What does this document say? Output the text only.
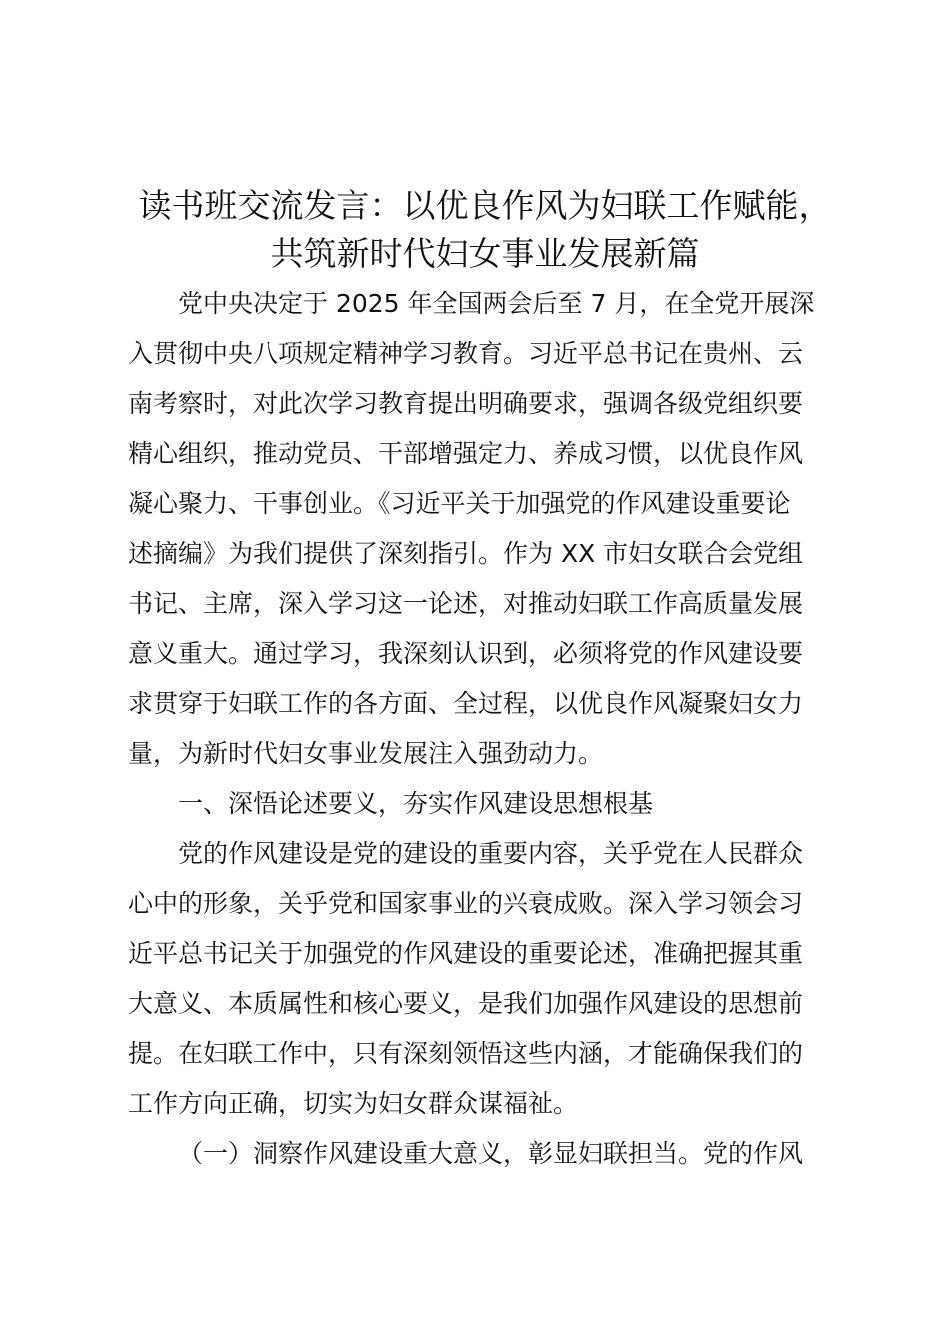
读书班交流发言：以优良作风为妇联工作赋能，
共筑新时代妇女事业发展新篇
党中央决定于 2025 年全国两会后至 7 月，在全党开展深
入贯彻中央八项规定精神学习教育。习近平总书记在贵州、云
南考察时，对此次学习教育提出明确要求，强调各级党组织要
精心组织，推动党员、干部增强定力、养成习惯，以优良作风
凝心聚力、干事创业。《习近平关于加强党的作风建设重要论
述摘编》为我们提供了深刻指引。作为 XX 市妇女联合会党组
书记、主席，深入学习这一论述，对推动妇联工作高质量发展
意义重大。通过学习，我深刻认识到，必须将党的作风建设要
求贯穿于妇联工作的各方面、全过程，以优良作风凝聚妇女力
量，为新时代妇女事业发展注入强劲动力。
一、深悟论述要义，夯实作风建设思想根基
党的作风建设是党的建设的重要内容，关乎党在人民群众
心中的形象，关乎党和国家事业的兴衰成败。深入学习领会习
近平总书记关于加强党的作风建设的重要论述，准确把握其重
大意义、本质属性和核心要义，是我们加强作风建设的思想前
提。在妇联工作中，只有深刻领悟这些内涵，才能确保我们的
工作方向正确，切实为妇女群众谋福祉。
（一）洞察作风建设重大意义，彰显妇联担当。党的作风
